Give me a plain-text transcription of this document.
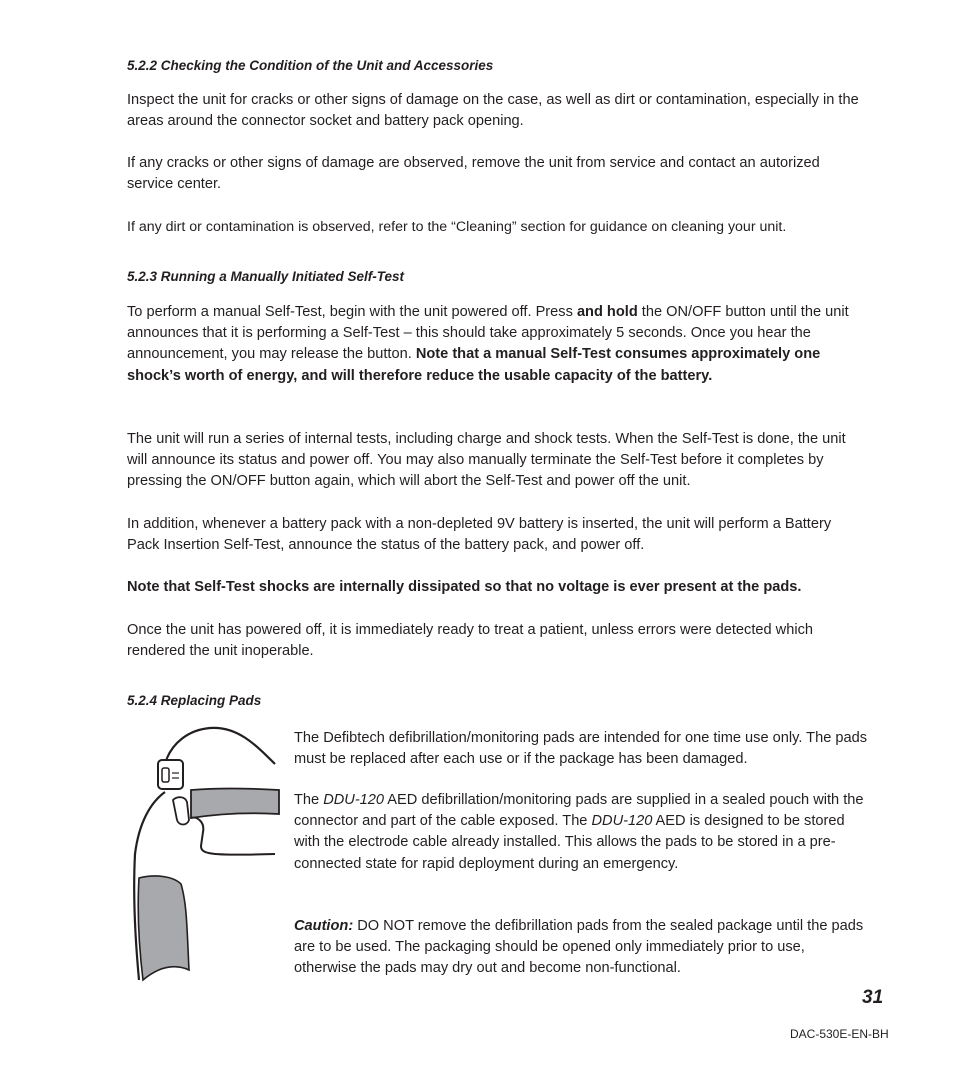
5.2.2 Checking the Condition of the Unit and Accessories

Inspect the unit for cracks or other signs of damage on the case, as well as dirt or contamination, especially in the areas around the connector socket and battery pack opening.

If any cracks or other signs of damage are observed, remove the unit from service and contact an autorized service center.

If any dirt or contamination is observed, refer to the “Cleaning” section for guidance on cleaning your unit.

5.2.3 Running a Manually Initiated Self-Test

To perform a manual Self-Test, begin with the unit powered off. Press and hold the ON/OFF button until the unit announces that it is performing a Self-Test – this should take approximately 5 seconds. Once you hear the announcement, you may release the button. Note that a manual Self-Test consumes approximately one shock’s worth of energy, and will therefore reduce the usable capacity of the battery.

The unit will run a series of internal tests, including charge and shock tests. When the Self-Test is done, the unit will announce its status and power off. You may also manually terminate the Self-Test before it completes by pressing the ON/OFF button again, which will abort the Self-Test and power off the unit.

In addition, whenever a battery pack with a non-depleted 9V battery is inserted, the unit will perform a Battery Pack Insertion Self-Test, announce the status of the battery pack, and power off.

Note that Self-Test shocks are internally dissipated so that no voltage is ever present at the pads.

Once the unit has powered off, it is immediately ready to treat a patient, unless errors were detected which rendered the unit inoperable.

5.2.4 Replacing Pads

The Defibtech defibrillation/monitoring pads are intended for one time use only. The pads must be replaced after each use or if the package has been damaged.

The DDU-120 AED defibrillation/monitoring pads are supplied in a sealed pouch with the connector and part of the cable exposed. The DDU-120 AED is designed to be stored with the electrode cable already installed. This allows the pads to be stored in a pre-connected state for rapid deployment during an emergency.

Caution: DO NOT remove the defibrillation pads from the sealed package until the pads are to be used. The packaging should be opened only immediately prior to use, otherwise the pads may dry out and become non-functional.

31
DAC-530E-EN-BH
